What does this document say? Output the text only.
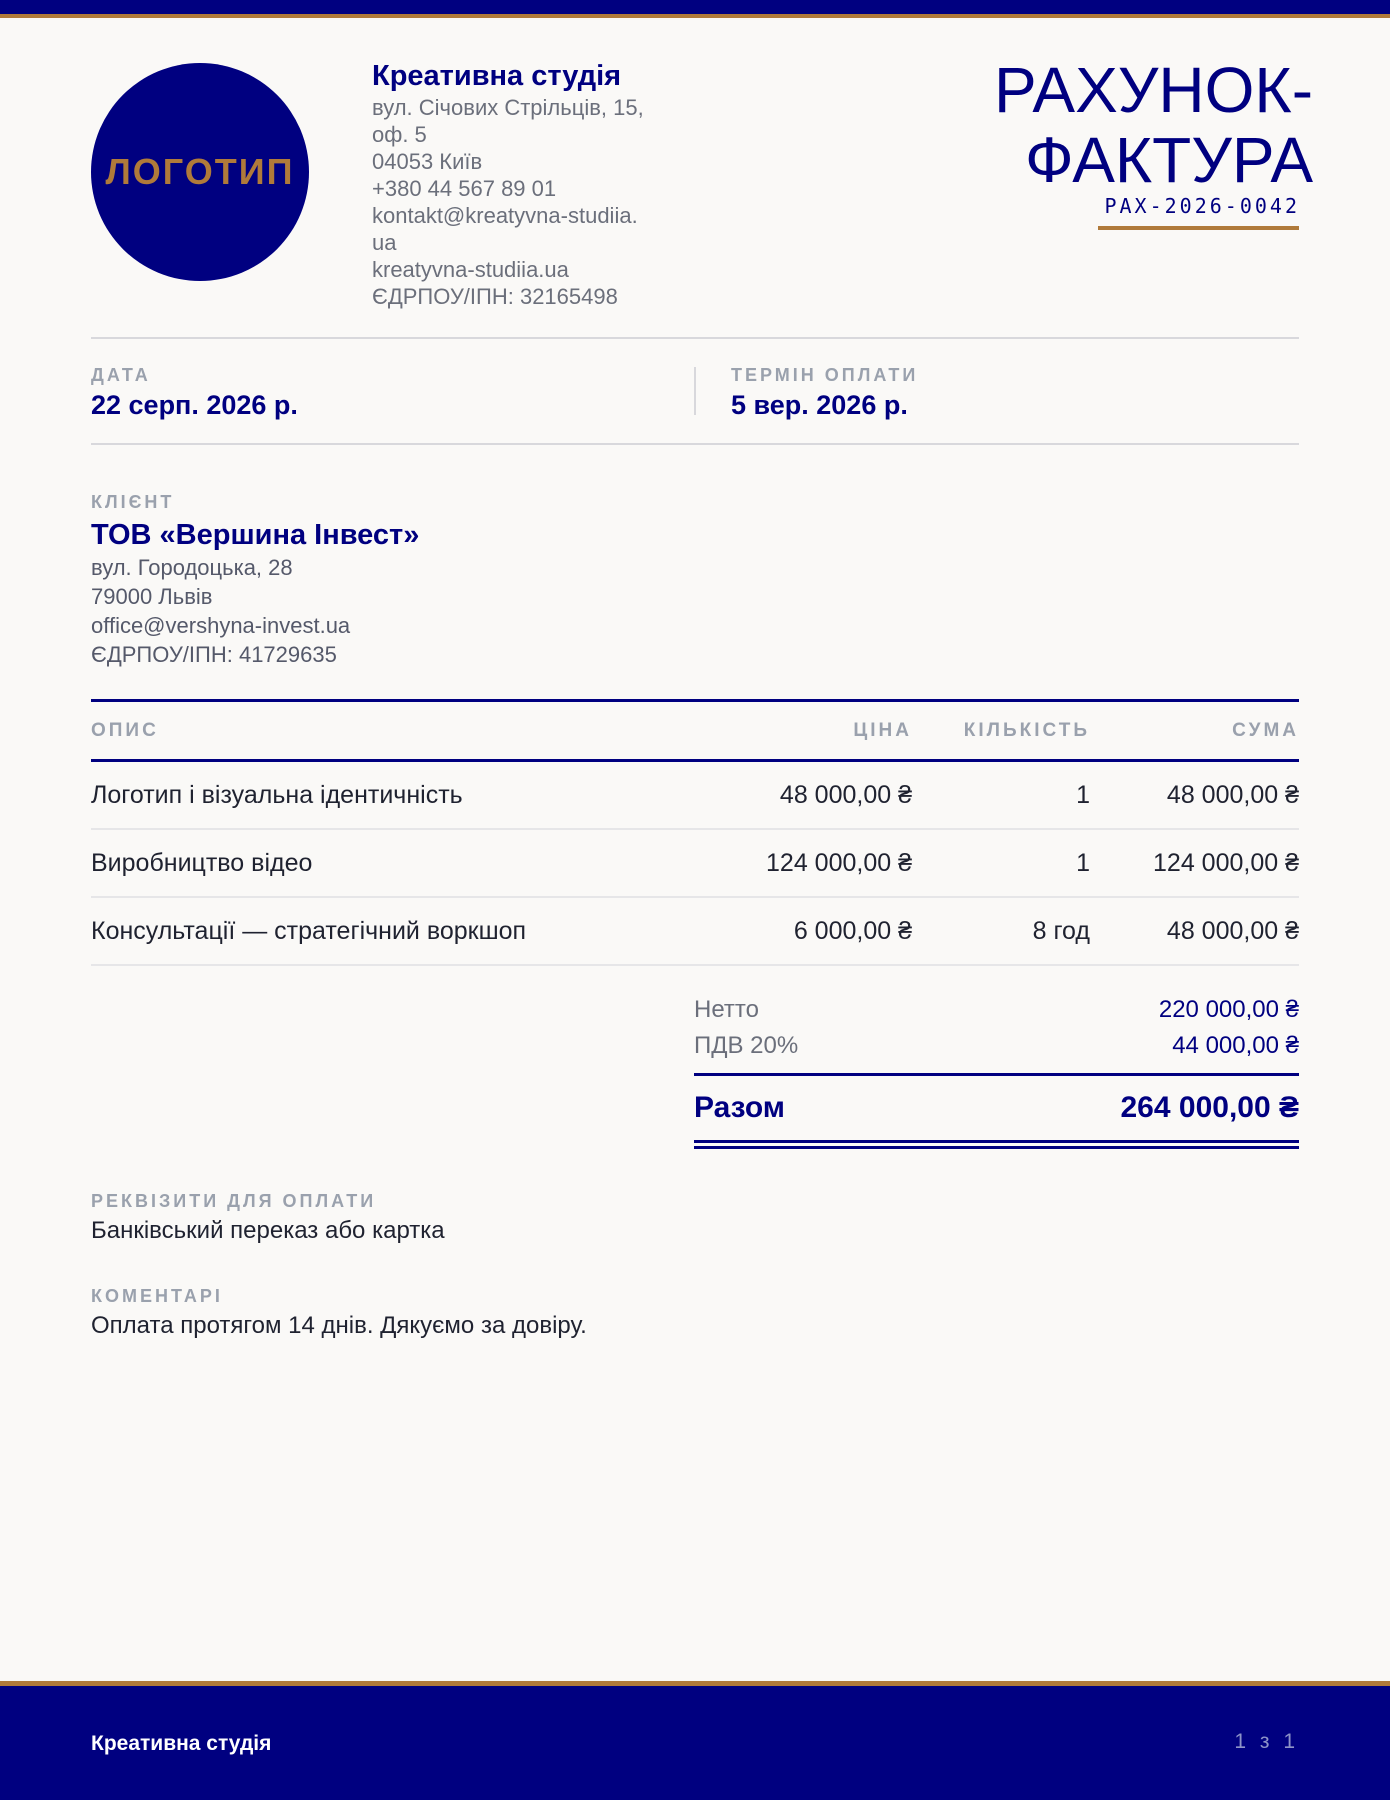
ЛОГОТИП
Креативна студія
вул. Січових Стрільців, 15,
оф. 5
04053 Київ
+380 44 567 89 01
kontakt@kreatyvna-studiia.
ua
kreatyvna-studiia.ua
ЄДРПОУ/ІПН: 32165498
РАХУНОК-
ФАКТУРА
РАХ-2026-0042
ДАТА
22 серп. 2026 р.
ТЕРМІН ОПЛАТИ
5 вер. 2026 р.
КЛІЄНТ
ТОВ «Вершина Інвест»
вул. Городоцька, 28
79000 Львів
office@vershyna-invest.ua
ЄДРПОУ/ІПН: 41729635
ОПИС	ЦІНА	КІЛЬКІСТЬ	СУМА
Логотип і візуальна ідентичність	48 000,00 ₴	1	48 000,00 ₴
Виробництво відео	124 000,00 ₴	1	124 000,00 ₴
Консультації — стратегічний воркшоп	6 000,00 ₴	8 год	48 000,00 ₴
Нетто	220 000,00 ₴
ПДВ 20%	44 000,00 ₴
Разом	264 000,00 ₴
РЕКВІЗИТИ ДЛЯ ОПЛАТИ
Банківський переказ або картка
КОМЕНТАРІ
Оплата протягом 14 днів. Дякуємо за довіру.
Креативна студія	1 з 1
